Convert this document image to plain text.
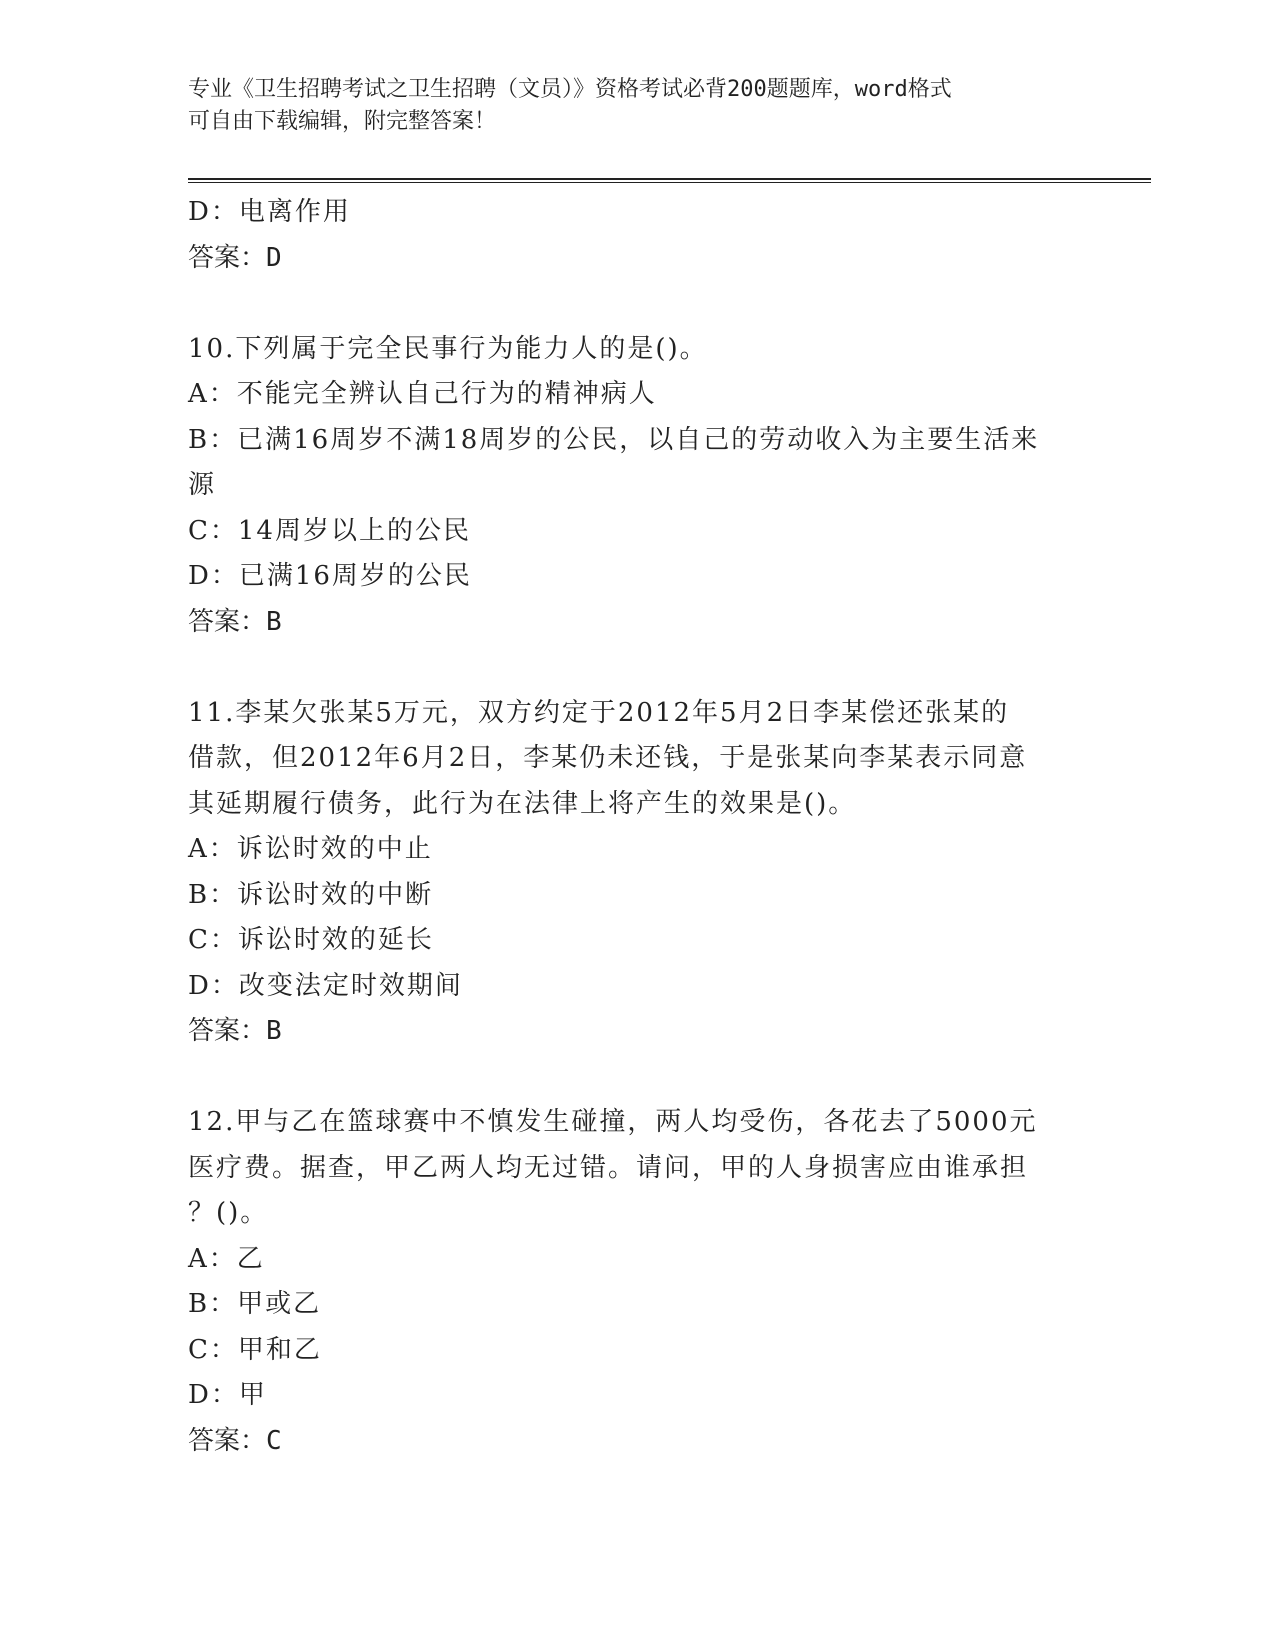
专业《卫生招聘考试之卫生招聘（文员）》资格考试必背200题题库，word格式
可自由下载编辑，附完整答案！
D：电离作用
答案：D
10.下列属于完全民事行为能力人的是()。
A：不能完全辨认自己行为的精神病人
B：已满16周岁不满18周岁的公民，以自己的劳动收入为主要生活来
源
C：14周岁以上的公民
D：已满16周岁的公民
答案：B
11.李某欠张某5万元，双方约定于2012年5月2日李某偿还张某的
借款，但2012年6月2日，李某仍未还钱，于是张某向李某表示同意
其延期履行债务，此行为在法律上将产生的效果是()。
A：诉讼时效的中止
B：诉讼时效的中断
C：诉讼时效的延长
D：改变法定时效期间
答案：B
12.甲与乙在篮球赛中不慎发生碰撞，两人均受伤，各花去了5000元
医疗费。据查，甲乙两人均无过错。请问，甲的人身损害应由谁承担
？()。
A：乙
B：甲或乙
C：甲和乙
D：甲
答案：C
